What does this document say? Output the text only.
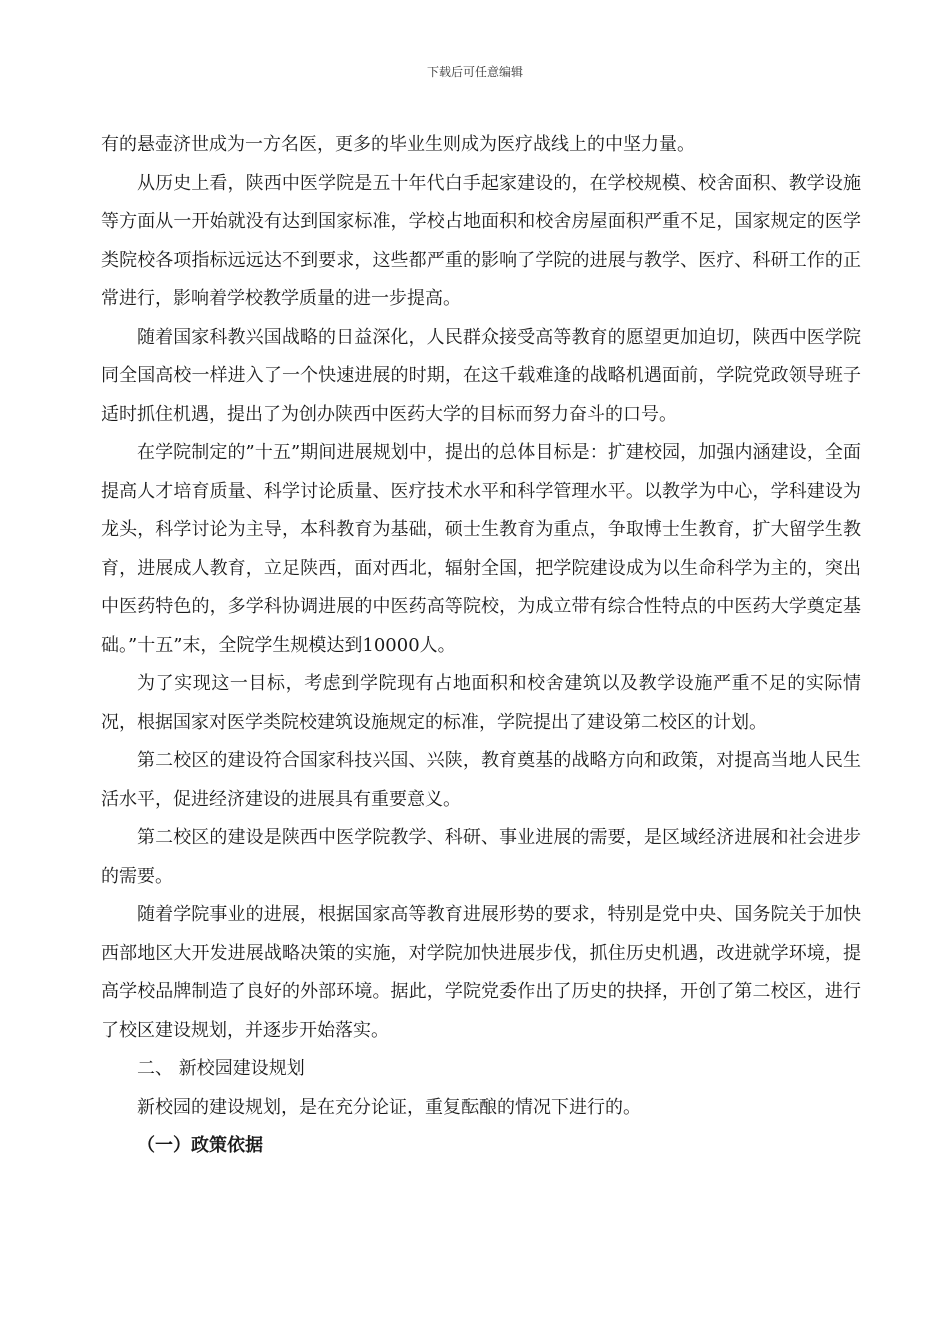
下载后可任意编辑

有的悬壶济世成为一方名医，更多的毕业生则成为医疗战线上的中坚力量。

从历史上看，陕西中医学院是五十年代白手起家建设的，在学校规模、校舍面积、教学设施等方面从一开始就没有达到国家标准，学校占地面积和校舍房屋面积严重不足，国家规定的医学类院校各项指标远远达不到要求，这些都严重的影响了学院的进展与教学、医疗、科研工作的正常进行，影响着学校教学质量的进一步提高。

随着国家科教兴国战略的日益深化，人民群众接受高等教育的愿望更加迫切，陕西中医学院同全国高校一样进入了一个快速进展的时期，在这千载难逢的战略机遇面前，学院党政领导班子适时抓住机遇，提出了为创办陕西中医药大学的目标而努力奋斗的口号。

在学院制定的”十五”期间进展规划中，提出的总体目标是：扩建校园，加强内涵建设，全面提高人才培育质量、科学讨论质量、医疗技术水平和科学管理水平。以教学为中心，学科建设为龙头，科学讨论为主导，本科教育为基础，硕士生教育为重点，争取博士生教育，扩大留学生教育，进展成人教育，立足陕西，面对西北，辐射全国，把学院建设成为以生命科学为主的，突出中医药特色的，多学科协调进展的中医药高等院校，为成立带有综合性特点的中医药大学奠定基础。”十五”末，全院学生规模达到10000人。

为了实现这一目标，考虑到学院现有占地面积和校舍建筑以及教学设施严重不足的实际情况，根据国家对医学类院校建筑设施规定的标准，学院提出了建设第二校区的计划。

第二校区的建设符合国家科技兴国、兴陕，教育奠基的战略方向和政策，对提高当地人民生活水平，促进经济建设的进展具有重要意义。

第二校区的建设是陕西中医学院教学、科研、事业进展的需要，是区域经济进展和社会进步的需要。

随着学院事业的进展，根据国家高等教育进展形势的要求，特别是党中央、国务院关于加快西部地区大开发进展战略决策的实施，对学院加快进展步伐，抓住历史机遇，改进就学环境，提高学校品牌制造了良好的外部环境。据此，学院党委作出了历史的抉择，开创了第二校区，进行了校区建设规划，并逐步开始落实。

二、 新校园建设规划

新校园的建设规划，是在充分论证，重复酝酿的情况下进行的。

（一）政策依据
